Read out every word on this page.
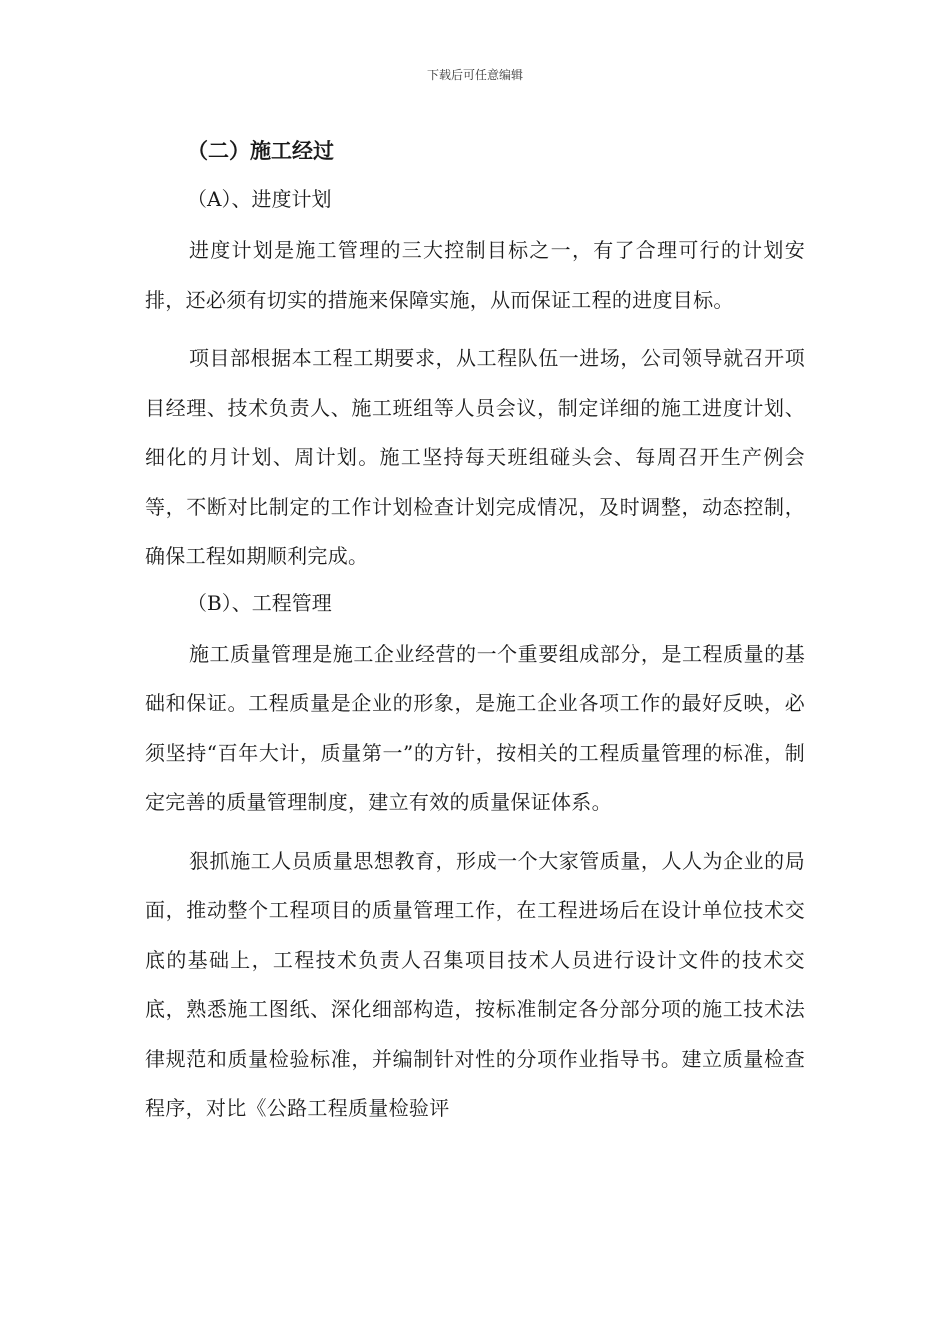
下载后可任意编辑
（二）施工经过

（A）、进度计划

进度计划是施工管理的三大控制目标之一，有了合理可行的计划安排，还必须有切实的措施来保障实施，从而保证工程的进度目标。

项目部根据本工程工期要求，从工程队伍一进场，公司领导就召开项目经理、技术负责人、施工班组等人员会议，制定详细的施工进度计划、细化的月计划、周计划。施工坚持每天班组碰头会、每周召开生产例会等，不断对比制定的工作计划检查计划完成情况，及时调整，动态控制，确保工程如期顺利完成。

（B）、工程管理

施工质量管理是施工企业经营的一个重要组成部分，是工程质量的基础和保证。工程质量是企业的形象，是施工企业各项工作的最好反映，必须坚持“百年大计，质量第一”的方针，按相关的工程质量管理的标准，制定完善的质量管理制度，建立有效的质量保证体系。

狠抓施工人员质量思想教育，形成一个大家管质量，人人为企业的局面，推动整个工程项目的质量管理工作，在工程进场后在设计单位技术交底的基础上，工程技术负责人召集项目技术人员进行设计文件的技术交底，熟悉施工图纸、深化细部构造，按标准制定各分部分项的施工技术法律规范和质量检验标准，并编制针对性的分项作业指导书。建立质量检查程序，对比《公路工程质量检验评
